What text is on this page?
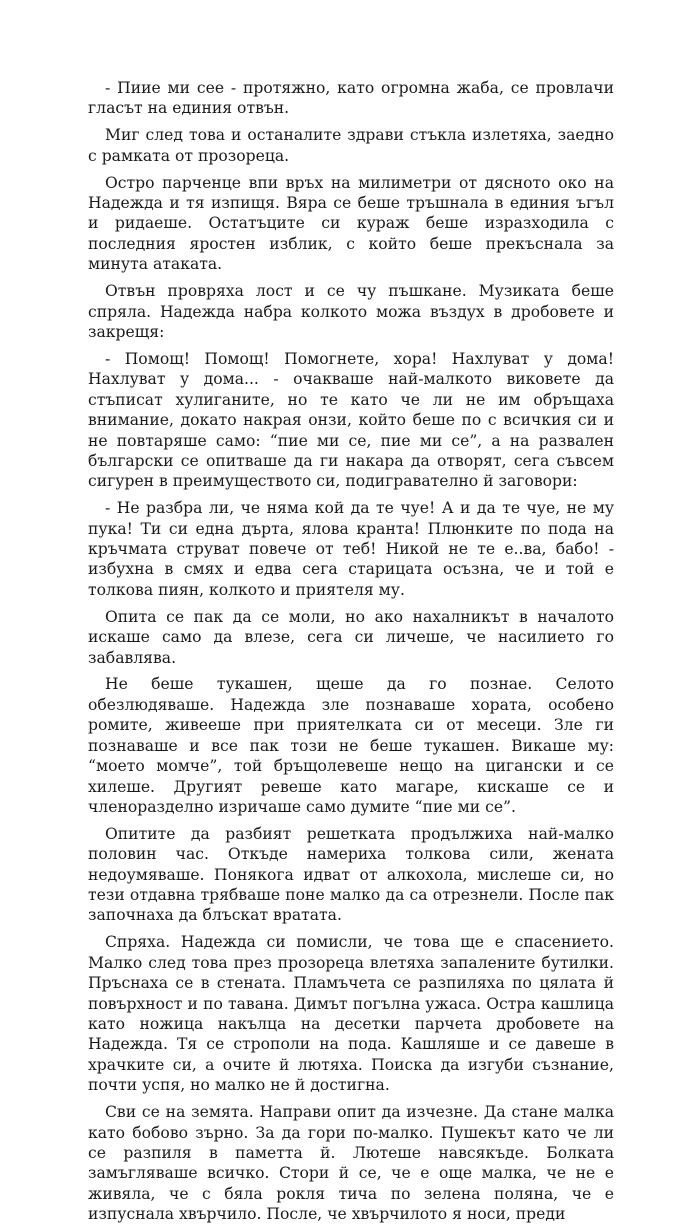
- Пиие ми сее - протяжно, като огромна жаба, се провлачи гласът на единия отвън.

Миг след това и останалите здрави стъкла излетяха, заедно с рамката от прозореца.

Остро парченце впи връх на милиметри от дясното око на Надежда и тя изпищя. Вяра се беше тръшнала в единия ъгъл и ридаеше. Остатъците си кураж беше изразходила с последния яростен изблик, с който беше прекъснала за минута атаката.

Отвън провряха лост и се чу пъшкане. Музиката беше спряла. Надежда набра колкото можа въздух в дробовете и закрещя:

- Помощ! Помощ! Помогнете, хора! Нахлуват у дома! Нахлуват у дома... - очакваше най-малкото виковете да стъписат хулиганите, но те като че ли не им обръщаха внимание, докато накрая онзи, който беше по с всичкия си и не повтаряше само: “пие ми се, пие ми се”, а на развален български се опитваше да ги накара да отворят, сега съвсем сигурен в преимуществото си, подигравателно й заговори:

- Не разбра ли, че няма кой да те чуе! А и да те чуе, не му пука! Ти си една дърта, ялова кранта! Плюнките по пода на кръчмата струват повече от теб! Никой не те е..ва, бабо! - избухна в смях и едва сега старицата осъзна, че и той е толкова пиян, колкото и приятеля му.

Опита се пак да се моли, но ако нахалникът в началото искаше само да влезе, сега си личеше, че насилието го забавлява.

Не беше тукашен, щеше да го познае. Селото обезлюдяваше. Надежда зле познаваше хората, особено ромите, живееше при приятелката си от месеци. Зле ги познаваше и все пак този не беше тукашен. Викаше му: “моето момче”, той бръщолевеше нещо на цигански и се хилеше. Другият ревеше като магаре, кискаше се и членоразделно изричаше само думите “пие ми се”.

Опитите да разбият решетката продължиха най-малко половин час. Откъде намериха толкова сили, жената недоумяваше. Понякога идват от алкохола, мислеше си, но тези отдавна трябваше поне малко да са отрезнели. После пак започнаха да блъскат вратата.

Спряха. Надежда си помисли, че това ще е спасението. Малко след това през прозореца влетяха запалените бутилки. Пръснаха се в стената. Пламъчета се разпиляха по цялата й повърхност и по тавана. Димът погълна ужаса. Остра кашлица като ножица накълца на десетки парчета дробовете на Надежда. Тя се строполи на пода. Кашляше и се давеше в храчките си, а очите й лютяха. Поиска да изгуби съзнание, почти успя, но малко не й достигна.

Сви се на земята. Направи опит да изчезне. Да стане малка като бобово зърно. За да гори по-малко. Пушекът като че ли се разпиля в паметта й. Лютеше навсякъде. Болката замъгляваше всичко. Стори й се, че е още малка, че не е живяла, че с бяла рокля тича по зелена поляна, че е изпуснала хвърчило. После, че хвърчилото я носи, преди
